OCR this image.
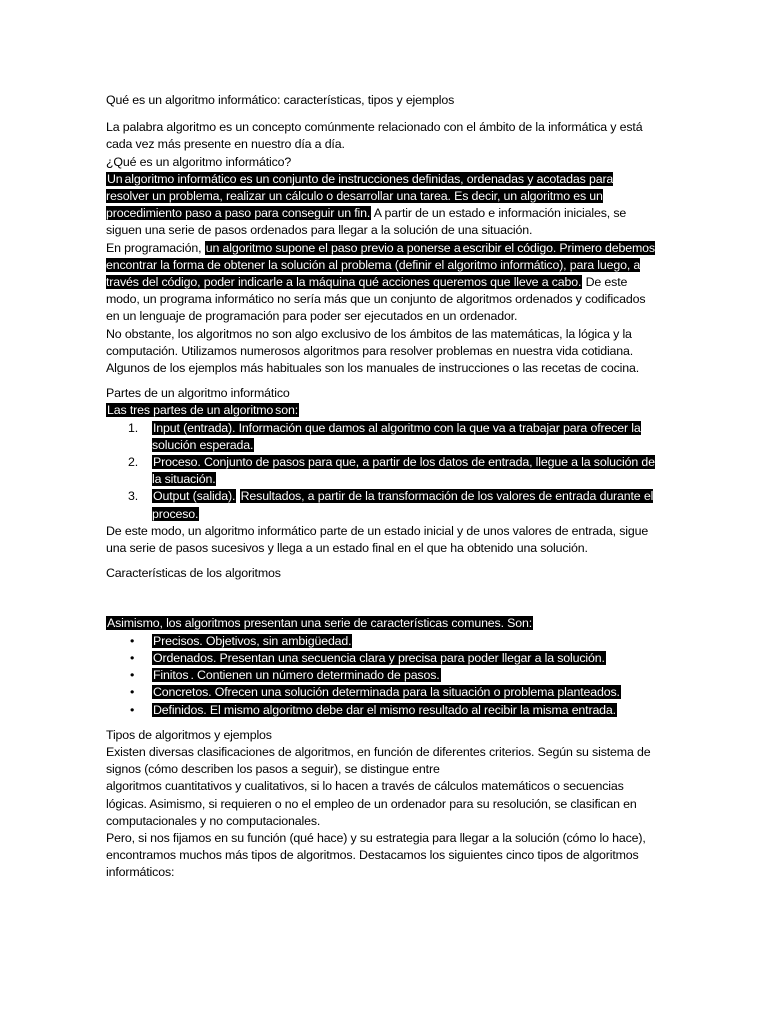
Qué es un algoritmo informático: características, tipos y ejemplos

La palabra algoritmo es un concepto comúnmente relacionado con el ámbito de la informática y está cada vez más presente en nuestro día a día.

¿Qué es un algoritmo informático?

Un algoritmo informático es un conjunto de instrucciones definidas, ordenadas y acotadas para resolver un problema, realizar un cálculo o desarrollar una tarea. Es decir, un algoritmo es un procedimiento paso a paso para conseguir un fin. A partir de un estado e información iniciales, se siguen una serie de pasos ordenados para llegar a la solución de una situación.

En programación, un algoritmo supone el paso previo a ponerse a escribir el código. Primero debemos encontrar la forma de obtener la solución al problema (definir el algoritmo informático), para luego, a través del código, poder indicarle a la máquina qué acciones queremos que lleve a cabo. De este modo, un programa informático no sería más que un conjunto de algoritmos ordenados y codificados en un lenguaje de programación para poder ser ejecutados en un ordenador.

No obstante, los algoritmos no son algo exclusivo de los ámbitos de las matemáticas, la lógica y la computación. Utilizamos numerosos algoritmos para resolver problemas en nuestra vida cotidiana. Algunos de los ejemplos más habituales son los manuales de instrucciones o las recetas de cocina.

Partes de un algoritmo informático

Las tres partes de un algoritmo son:

1.	Input (entrada). Información que damos al algoritmo con la que va a trabajar para ofrecer la solución esperada.
2.	Proceso. Conjunto de pasos para que, a partir de los datos de entrada, llegue a la solución de la situación.
3.	Output (salida). Resultados, a partir de la transformación de los valores de entrada durante el proceso.

De este modo, un algoritmo informático parte de un estado inicial y de unos valores de entrada, sigue una serie de pasos sucesivos y llega a un estado final en el que ha obtenido una solución.

Características de los algoritmos

Asimismo, los algoritmos presentan una serie de características comunes. Son:

•	Precisos. Objetivos, sin ambigüedad.
•	Ordenados. Presentan una secuencia clara y precisa para poder llegar a la solución.
•	Finitos . Contienen un número determinado de pasos.
•	Concretos. Ofrecen una solución determinada para la situación o problema planteados.
•	Definidos. El mismo algoritmo debe dar el mismo resultado al recibir la misma entrada.

Tipos de algoritmos y ejemplos

Existen diversas clasificaciones de algoritmos, en función de diferentes criterios. Según su sistema de signos (cómo describen los pasos a seguir), se distingue entre

algoritmos cuantitativos y cualitativos, si lo hacen a través de cálculos matemáticos o secuencias lógicas. Asimismo, si requieren o no el empleo de un ordenador para su resolución, se clasifican en computacionales y no computacionales.

Pero, si nos fijamos en su función (qué hace) y su estrategia para llegar a la solución (cómo lo hace), encontramos muchos más tipos de algoritmos. Destacamos los siguientes cinco tipos de algoritmos informáticos:
